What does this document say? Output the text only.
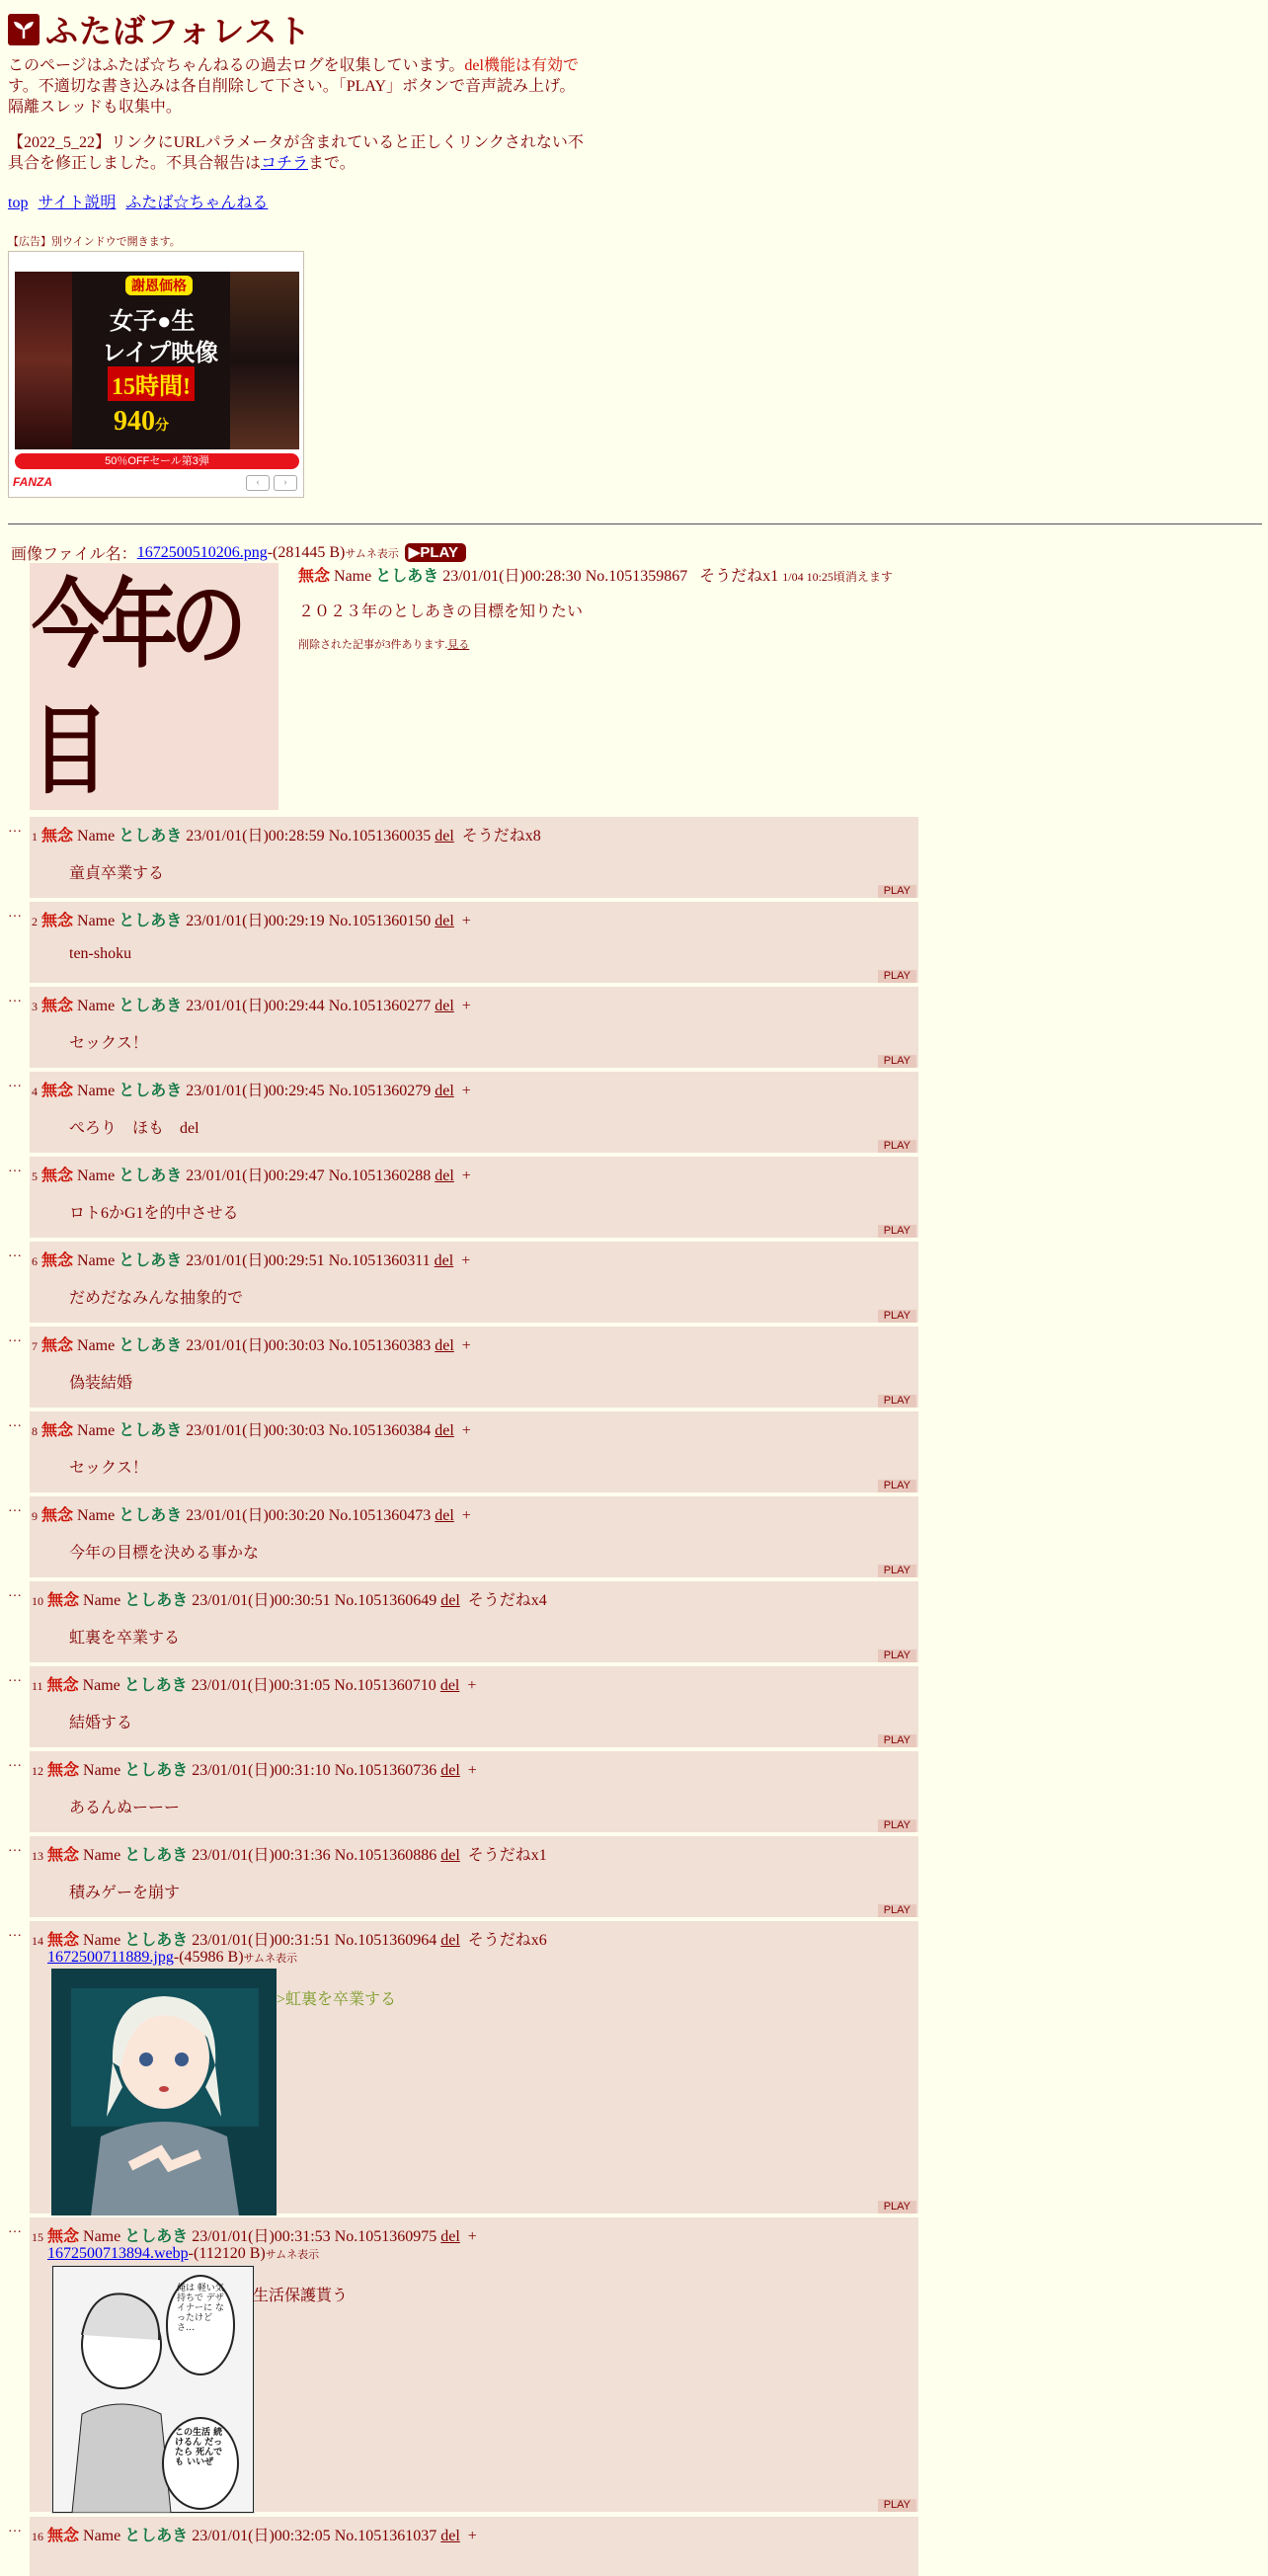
ふたばフォレスト
このページはふたば☆ちゃんねるの過去ログを収集しています。del機能は有効です。不適切な書き込みは各自削除して下さい。「PLAY」ボタンで音声読み上げ。
隔離スレッドも収集中。
【2022_5_22】リンクにURLパラメータが含まれていると正しくリンクされない不
具合を修正しました。不具合報告はコチラまで。
top サイト説明 ふたば☆ちゃんねる
【広告】別ウインドウで開きます。
謝恩価格
女子●生
レイプ映像
15時間!
940分
50％OFFセール第3弾
FANZA	‹	›
画像ファイル名： 1672500510206.png -(281445 B) サムネ表示 ▶PLAY
今年の目

無念 Name としあき 23/01/01(日)00:28:30 No.1051359867 そうだねx1 1/04 10:25頃消えます
２０２３年のとしあきの目標を知りたい
削除された記事が3件あります.見る
…
1 無念 Name としあき 23/01/01(日)00:28:59 No.1051360035 del そうだねx8
童貞卒業する
PLAY
…
2 無念 Name としあき 23/01/01(日)00:29:19 No.1051360150 del +
ten-shoku
PLAY
…
3 無念 Name としあき 23/01/01(日)00:29:44 No.1051360277 del +
セックス！
PLAY
…
4 無念 Name としあき 23/01/01(日)00:29:45 No.1051360279 del +
ぺろり　ほも　del
PLAY
…
5 無念 Name としあき 23/01/01(日)00:29:47 No.1051360288 del +
ロト6かG1を的中させる
PLAY
…
6 無念 Name としあき 23/01/01(日)00:29:51 No.1051360311 del +
だめだなみんな抽象的で
PLAY
…
7 無念 Name としあき 23/01/01(日)00:30:03 No.1051360383 del +
偽装結婚
PLAY
…
8 無念 Name としあき 23/01/01(日)00:30:03 No.1051360384 del +
セックス！
PLAY
…
9 無念 Name としあき 23/01/01(日)00:30:20 No.1051360473 del +
今年の目標を決める事かな
PLAY
…
10 無念 Name としあき 23/01/01(日)00:30:51 No.1051360649 del そうだねx4
虹裏を卒業する
PLAY
…
11 無念 Name としあき 23/01/01(日)00:31:05 No.1051360710 del +
結婚する
PLAY
…
12 無念 Name としあき 23/01/01(日)00:31:10 No.1051360736 del +
あるんぬーーー
PLAY
…
13 無念 Name としあき 23/01/01(日)00:31:36 No.1051360886 del そうだねx1
積みゲーを崩す
PLAY
…
14 無念 Name としあき 23/01/01(日)00:31:51 No.1051360964 del そうだねx6
1672500711889.jpg-(45986 B)サムネ表示
>虹裏を卒業する
PLAY
…
15 無念 Name としあき 23/01/01(日)00:31:53 No.1051360975 del +
1672500713894.webp-(112120 B)サムネ表示
俺は 軽い気持ちで デザイナーに なったけど さ…
この生活 続けるん だったら 死んでも いいぜ
生活保護貰う
PLAY
…
16 無念 Name としあき 23/01/01(日)00:32:05 No.1051361037 del +
